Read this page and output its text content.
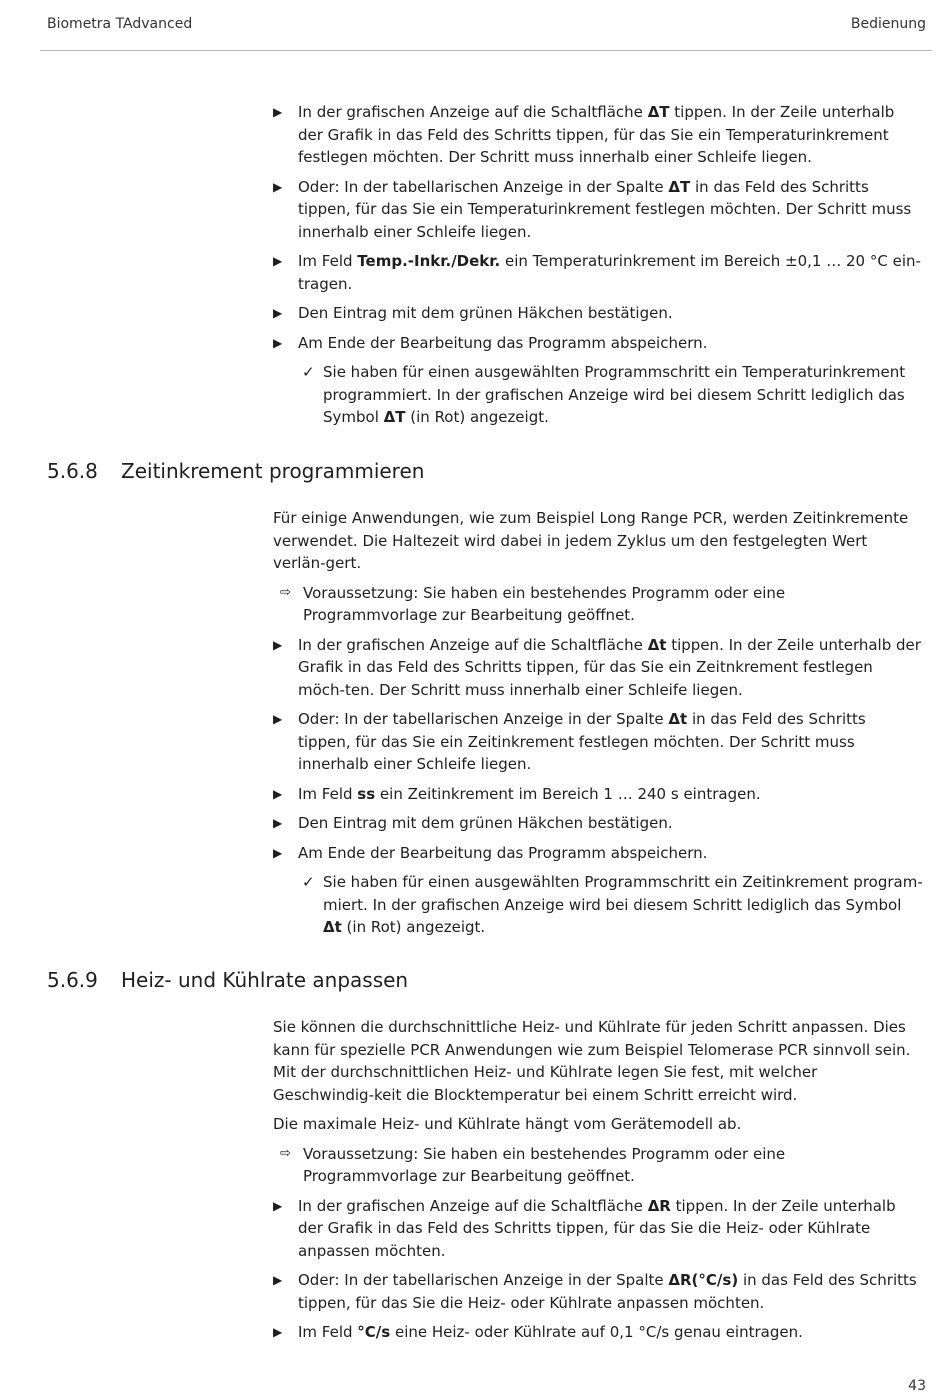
Biometra TAdvanced	Bedienung
▶ In der grafischen Anzeige auf die Schaltfläche ΔT tippen. In der Zeile unterhalb der Grafik in das Feld des Schritts tippen, für das Sie ein Temperaturinkrement festlegen möchten. Der Schritt muss innerhalb einer Schleife liegen.
▶ Oder: In der tabellarischen Anzeige in der Spalte ΔT in das Feld des Schritts tippen, für das Sie ein Temperaturinkrement festlegen möchten. Der Schritt muss innerhalb einer Schleife liegen.
▶ Im Feld Temp.-Inkr./Dekr. ein Temperaturinkrement im Bereich ±0,1 … 20 °C ein-tragen.
▶ Den Eintrag mit dem grünen Häkchen bestätigen.
▶ Am Ende der Bearbeitung das Programm abspeichern.
✓ Sie haben für einen ausgewählten Programmschritt ein Temperaturinkrement programmiert. In der grafischen Anzeige wird bei diesem Schritt lediglich das Symbol ΔT (in Rot) angezeigt.
5.6.8 Zeitinkrement programmieren
Für einige Anwendungen, wie zum Beispiel Long Range PCR, werden Zeitinkremente verwendet. Die Haltezeit wird dabei in jedem Zyklus um den festgelegten Wert verlän-gert.
⇨ Voraussetzung: Sie haben ein bestehendes Programm oder eine Programmvorlage zur Bearbeitung geöffnet.
▶ In der grafischen Anzeige auf die Schaltfläche Δt tippen. In der Zeile unterhalb der Grafik in das Feld des Schritts tippen, für das Sie ein Zeitnkrement festlegen möch-ten. Der Schritt muss innerhalb einer Schleife liegen.
▶ Oder: In der tabellarischen Anzeige in der Spalte Δt in das Feld des Schritts tippen, für das Sie ein Zeitinkrement festlegen möchten. Der Schritt muss innerhalb einer Schleife liegen.
▶ Im Feld ss ein Zeitinkrement im Bereich 1 … 240 s eintragen.
▶ Den Eintrag mit dem grünen Häkchen bestätigen.
▶ Am Ende der Bearbeitung das Programm abspeichern.
✓ Sie haben für einen ausgewählten Programmschritt ein Zeitinkrement program-miert. In der grafischen Anzeige wird bei diesem Schritt lediglich das Symbol Δt (in Rot) angezeigt.
5.6.9 Heiz- und Kühlrate anpassen
Sie können die durchschnittliche Heiz- und Kühlrate für jeden Schritt anpassen. Dies kann für spezielle PCR Anwendungen wie zum Beispiel Telomerase PCR sinnvoll sein. Mit der durchschnittlichen Heiz- und Kühlrate legen Sie fest, mit welcher Geschwindig-keit die Blocktemperatur bei einem Schritt erreicht wird.
Die maximale Heiz- und Kühlrate hängt vom Gerätemodell ab.
⇨ Voraussetzung: Sie haben ein bestehendes Programm oder eine Programmvorlage zur Bearbeitung geöffnet.
▶ In der grafischen Anzeige auf die Schaltfläche ΔR tippen. In der Zeile unterhalb der Grafik in das Feld des Schritts tippen, für das Sie die Heiz- oder Kühlrate anpassen möchten.
▶ Oder: In der tabellarischen Anzeige in der Spalte ΔR(°C/s) in das Feld des Schritts tippen, für das Sie die Heiz- oder Kühlrate anpassen möchten.
▶ Im Feld °C/s eine Heiz- oder Kühlrate auf 0,1 °C/s genau eintragen.
43
